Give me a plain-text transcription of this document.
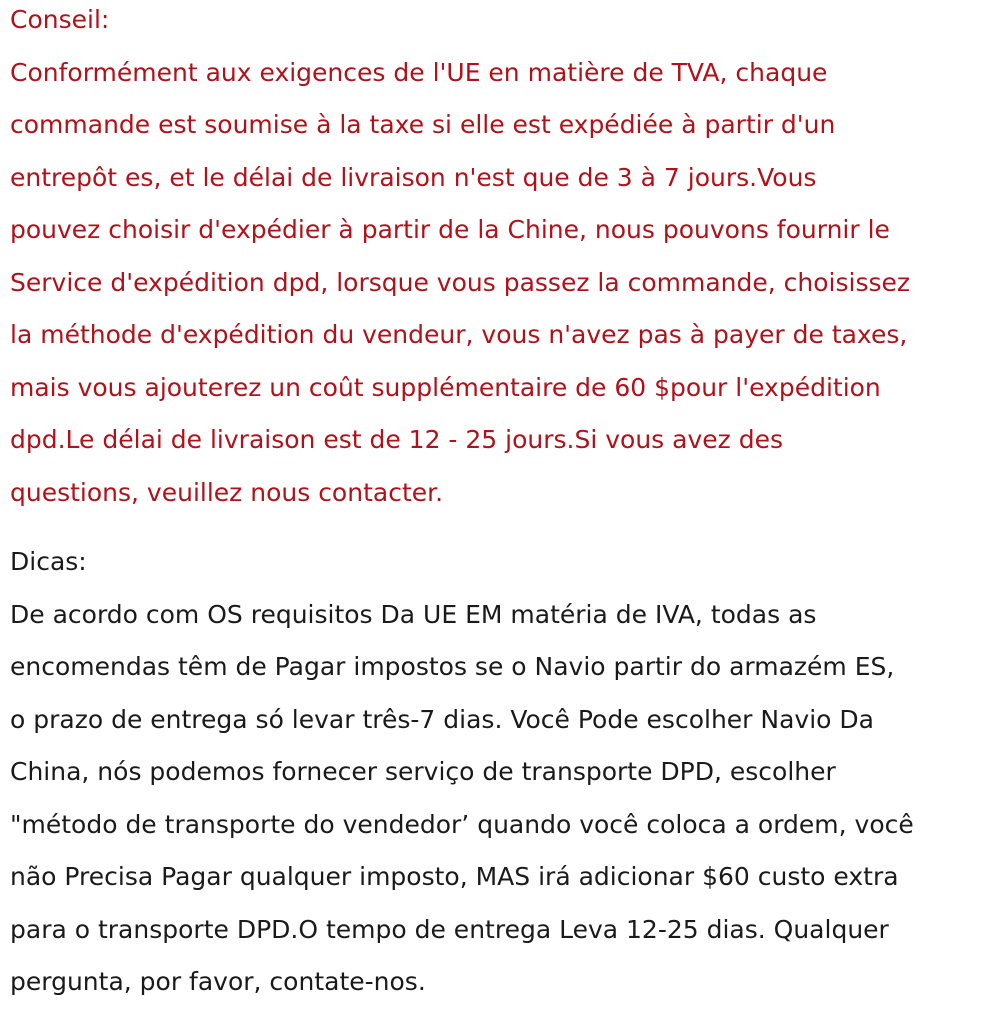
Conseil:
Conformément aux exigences de l'UE en matière de TVA, chaque
commande est soumise à la taxe si elle est expédiée à partir d'un
entrepôt es, et le délai de livraison n'est que de 3 à 7 jours.Vous
pouvez choisir d'expédier à partir de la Chine, nous pouvons fournir le
Service d'expédition dpd, lorsque vous passez la commande, choisissez
la méthode d'expédition du vendeur, vous n'avez pas à payer de taxes,
mais vous ajouterez un coût supplémentaire de 60 $pour l'expédition
dpd.Le délai de livraison est de 12 - 25 jours.Si vous avez des
questions, veuillez nous contacter.
Dicas:
De acordo com OS requisitos Da UE EM matéria de IVA, todas as
encomendas têm de Pagar impostos se o Navio partir do armazém ES,
o prazo de entrega só levar três-7 dias. Você Pode escolher Navio Da
China, nós podemos fornecer serviço de transporte DPD, escolher
"método de transporte do vendedor’ quando você coloca a ordem, você
não Precisa Pagar qualquer imposto, MAS irá adicionar $60 custo extra
para o transporte DPD.O tempo de entrega Leva 12-25 dias. Qualquer
pergunta, por favor, contate-nos.
